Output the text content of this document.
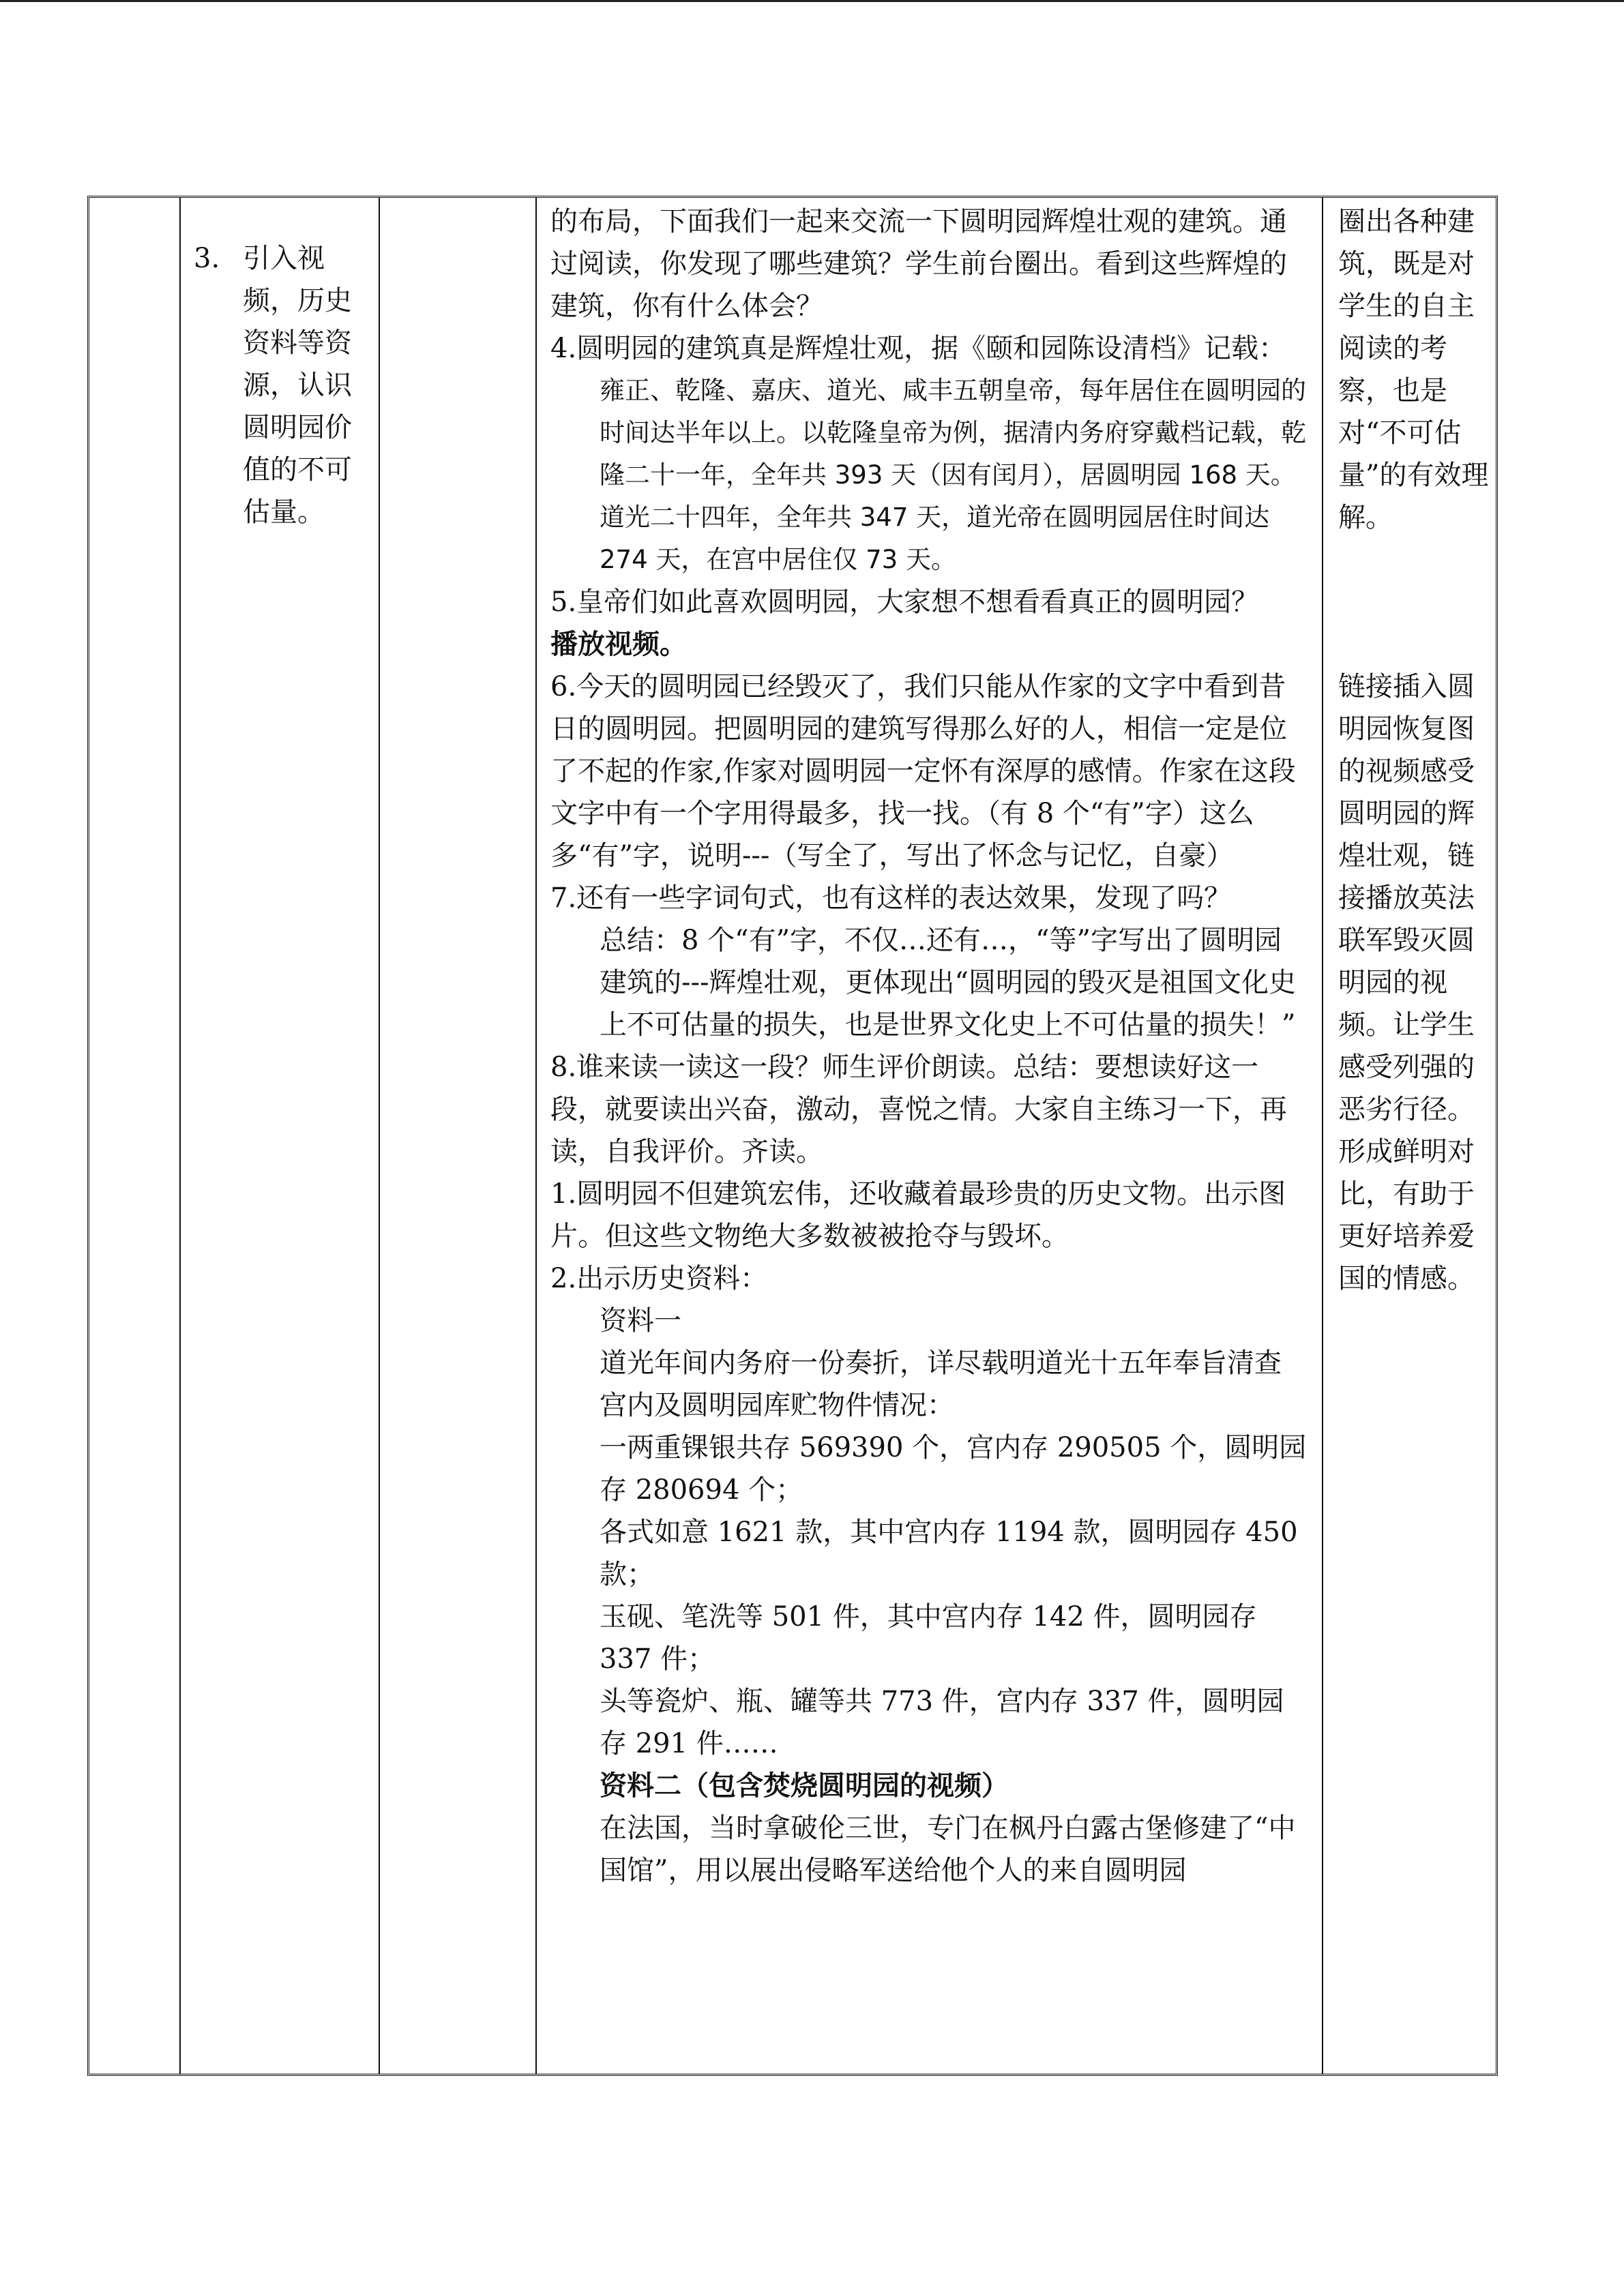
3. 引入视频，历史资料等资源，认识圆明园价值的不可估量。

的布局，下面我们一起来交流一下圆明园辉煌壮观的建筑。通过阅读，你发现了哪些建筑？学生前台圈出。看到这些辉煌的建筑，你有什么体会？

4.圆明园的建筑真是辉煌壮观，据《颐和园陈设清档》记载：

雍正、乾隆、嘉庆、道光、咸丰五朝皇帝，每年居住在圆明园的时间达半年以上。以乾隆皇帝为例，据清内务府穿戴档记载，乾隆二十一年，全年共 393 天（因有闰月），居圆明园 168 天。道光二十四年，全年共 347 天，道光帝在圆明园居住时间达 274 天，在宫中居住仅 73 天。

5.皇帝们如此喜欢圆明园，大家想不想看看真正的圆明园？

播放视频。

6.今天的圆明园已经毁灭了，我们只能从作家的文字中看到昔日的圆明园。把圆明园的建筑写得那么好的人，相信一定是位了不起的作家,作家对圆明园一定怀有深厚的感情。作家在这段文字中有一个字用得最多，找一找。（有 8 个“有”字）这么多“有”字，说明---（写全了，写出了怀念与记忆，自豪）

7.还有一些字词句式，也有这样的表达效果，发现了吗？

总结：8 个“有”字，不仅…还有…，“等”字写出了圆明园建筑的---辉煌壮观，更体现出“圆明园的毁灭是祖国文化史上不可估量的损失，也是世界文化史上不可估量的损失！”

8.谁来读一读这一段？师生评价朗读。总结：要想读好这一段，就要读出兴奋，激动，喜悦之情。大家自主练习一下，再读，自我评价。齐读。

1.圆明园不但建筑宏伟，还收藏着最珍贵的历史文物。出示图片。但这些文物绝大多数被被抢夺与毁坏。

2.出示历史资料：

资料一

道光年间内务府一份奏折，详尽载明道光十五年奉旨清查宫内及圆明园库贮物件情况：

一两重锞银共存 569390 个，宫内存 290505 个，圆明园存 280694 个；

各式如意 1621 款，其中宫内存 1194 款，圆明园存 450 款；

玉砚、笔洗等 501 件，其中宫内存 142 件，圆明园存 337 件；

头等瓷炉、瓶、罐等共 773 件，宫内存 337 件，圆明园存 291 件……

资料二（包含焚烧圆明园的视频）

在法国，当时拿破伦三世，专门在枫丹白露古堡修建了“中国馆”，用以展出侵略军送给他个人的来自圆明园

圈出各种建筑，既是对学生的自主阅读的考察，也是对“不可估量”的有效理解。

链接插入圆明园恢复图的视频感受圆明园的辉煌壮观，链接播放英法联军毁灭圆明园的视频。让学生感受列强的恶劣行径。形成鲜明对比，有助于更好培养爱国的情感。
